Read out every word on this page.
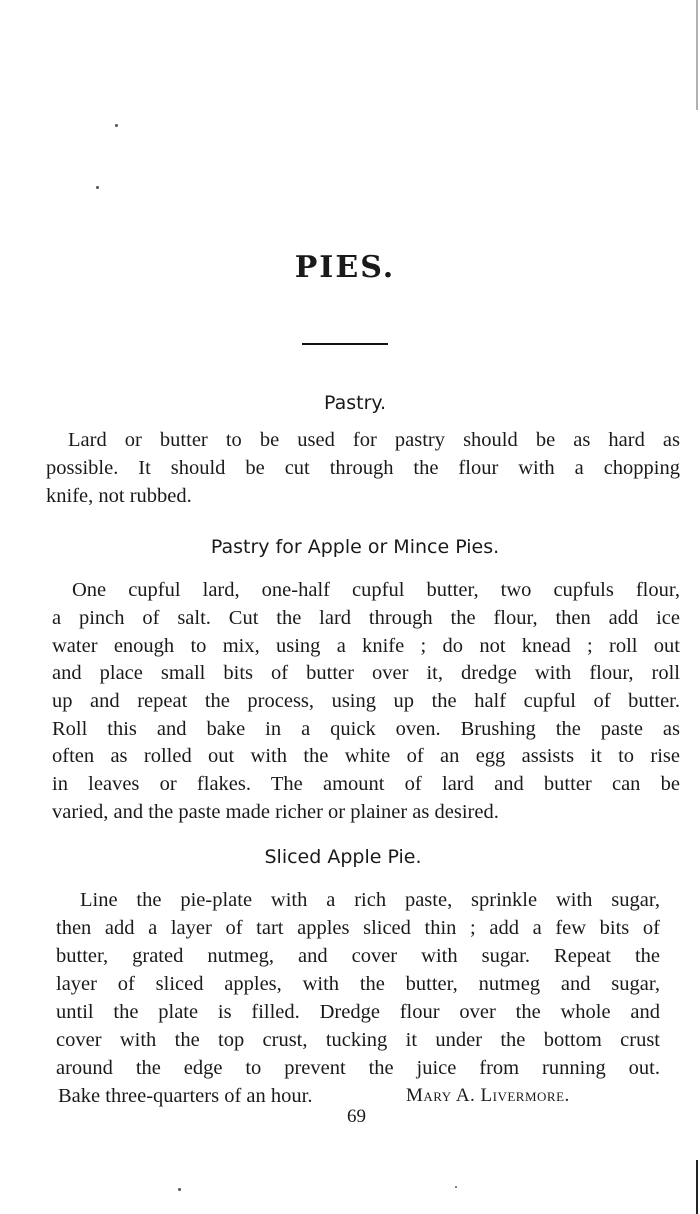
PIES.
Pastry.
Lard or butter to be used for pastry should be as hard as
possible. It should be cut through the flour with a chopping
knife, not rubbed.
Pastry for Apple or Mince Pies.
One cupful lard, one-half cupful butter, two cupfuls flour,
a pinch of salt. Cut the lard through the flour, then add ice
water enough to mix, using a knife ; do not knead ; roll out
and place small bits of butter over it, dredge with flour, roll
up and repeat the process, using up the half cupful of butter.
Roll this and bake in a quick oven. Brushing the paste as
often as rolled out with the white of an egg assists it to rise
in leaves or flakes. The amount of lard and butter can be
varied, and the paste made richer or plainer as desired.
Sliced Apple Pie.
Line the pie-plate with a rich paste, sprinkle with sugar,
then add a layer of tart apples sliced thin ; add a few bits of
butter, grated nutmeg, and cover with sugar. Repeat the
layer of sliced apples, with the butter, nutmeg and sugar,
until the plate is filled. Dredge flour over the whole and
cover with the top crust, tucking it under the bottom crust
around the edge to prevent the juice from running out.
Bake three-quarters of an hour.	Mary A. Livermore.
69
